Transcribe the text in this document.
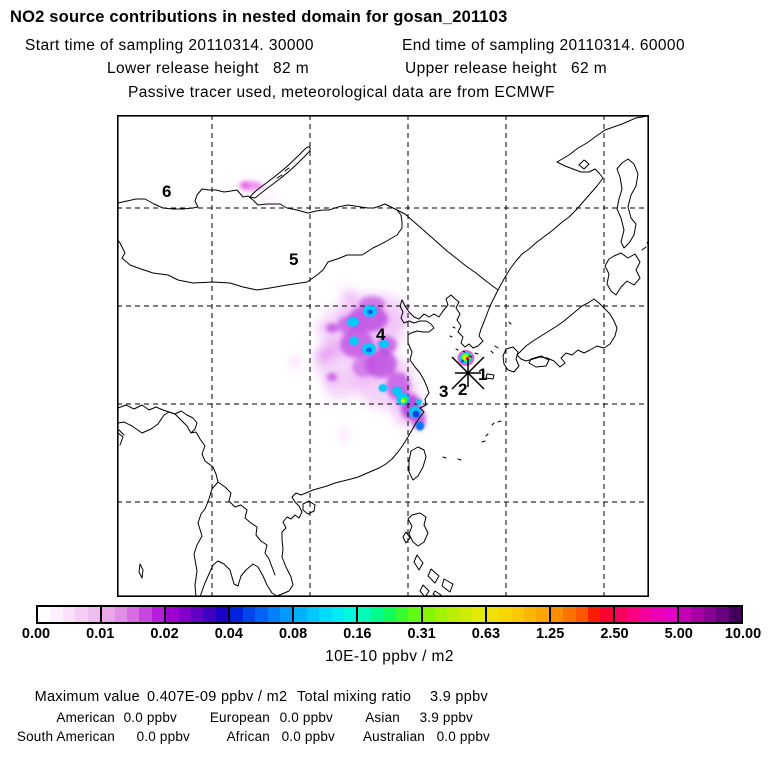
NO2 source contributions in nested domain for gosan_201103
Start time of sampling 20110314. 30000	End time of sampling 20110314. 60000
Lower release height   82 m	Upper release height   62 m
Passive tracer used, meteorological data are from ECMWF
1
2
3
4
5
6
0.00 0.01 0.02 0.04 0.08 0.16 0.31 0.63 1.25 2.50 5.00 10.00
10E-10 ppbv / m2
Maximum value 0.407E-09 ppbv / m2 Total mixing ratio 3.9 ppbv
American 0.0 ppbv European 0.0 ppbv Asian 3.9 ppbv
South American 0.0 ppbv	African 0.0 ppbv Australian 0.0 ppbv
